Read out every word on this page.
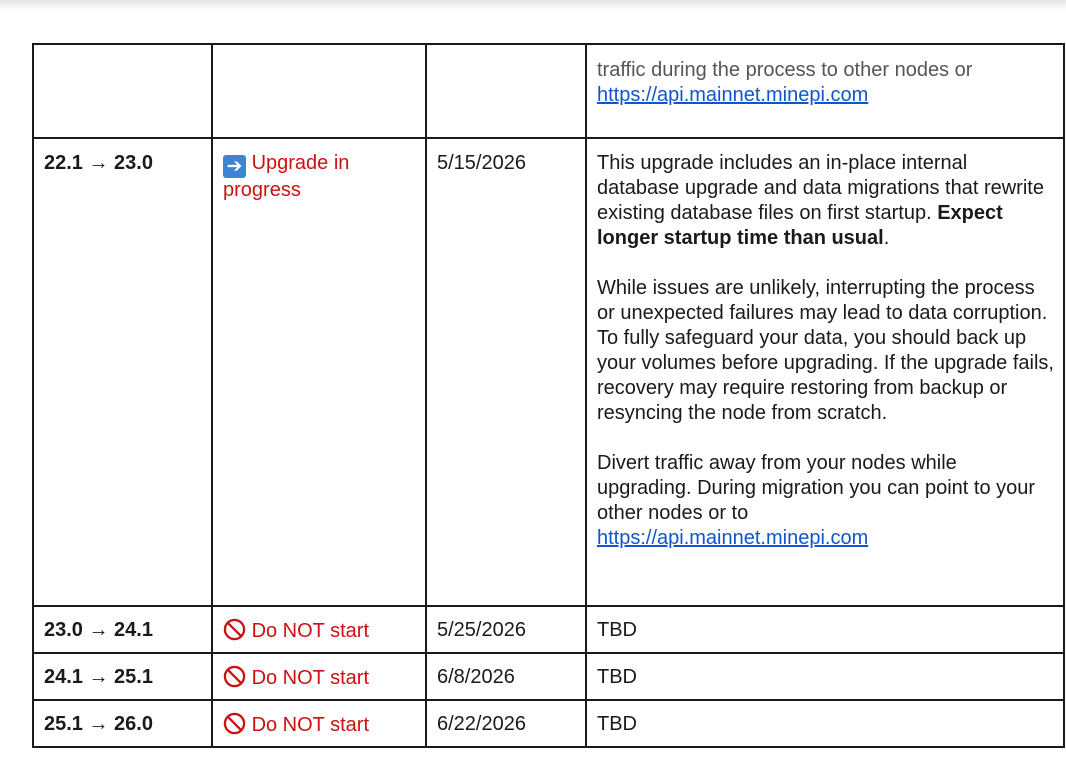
			traffic during the process to other nodes or
https://api.mainnet.minepi.com
22.1 → 23.0	➔ Upgrade in progress	5/15/2026	This upgrade includes an in-place internal database upgrade and data migrations that rewrite existing database files on first startup. Expect longer startup time than usual.

While issues are unlikely, interrupting the process or unexpected failures may lead to data corruption. To fully safeguard your data, you should back up your volumes before upgrading. If the upgrade fails, recovery may require restoring from backup or resyncing the node from scratch.

Divert traffic away from your nodes while upgrading. During migration you can point to your other nodes or to
https://api.mainnet.minepi.com

23.0 → 24.1	Do NOT start	5/25/2026	TBD
24.1 → 25.1	Do NOT start	6/8/2026	TBD
25.1 → 26.0	Do NOT start	6/22/2026	TBD
